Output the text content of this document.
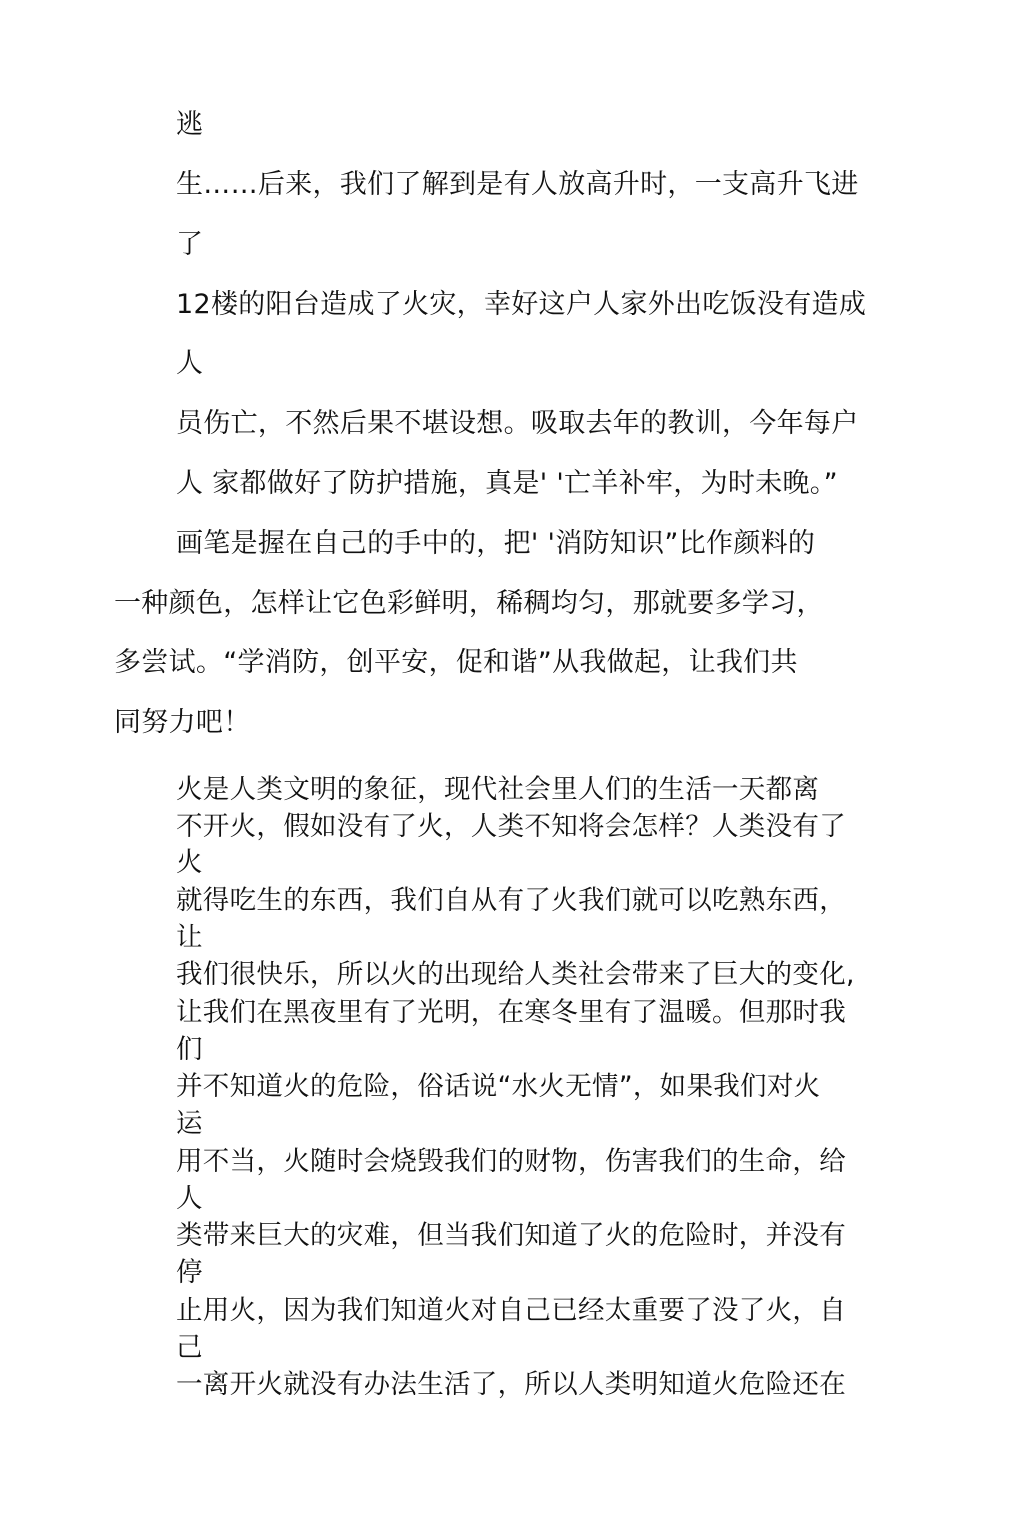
逃
生……后来，我们了解到是有人放高升时，一支高升飞进
了
12楼的阳台造成了火灾，幸好这户人家外出吃饭没有造成
人
员伤亡，不然后果不堪设想。吸取去年的教训，今年每户
人 家都做好了防护措施，真是' '亡羊补牢，为时未晚。”
画笔是握在自己的手中的，把' '消防知识”比作颜料的
一种颜色，怎样让它色彩鲜明，稀稠均匀，那就要多学习，
多尝试。“学消防，创平安，促和谐”从我做起，让我们共
同努力吧！
火是人类文明的象征，现代社会里人们的生活一天都离
不开火，假如没有了火，人类不知将会怎样？人类没有了
火
就得吃生的东西，我们自从有了火我们就可以吃熟东西，
让
我们很快乐，所以火的出现给人类社会带来了巨大的变化,
让我们在黑夜里有了光明，在寒冬里有了温暖。但那时我
们
并不知道火的危险，俗话说“水火无情”，如果我们对火
运
用不当，火随时会烧毁我们的财物，伤害我们的生命，给
人
类带来巨大的灾难，但当我们知道了火的危险时，并没有
停
止用火，因为我们知道火对自己已经太重要了没了火，自
己
一离开火就没有办法生活了，所以人类明知道火危险还在
